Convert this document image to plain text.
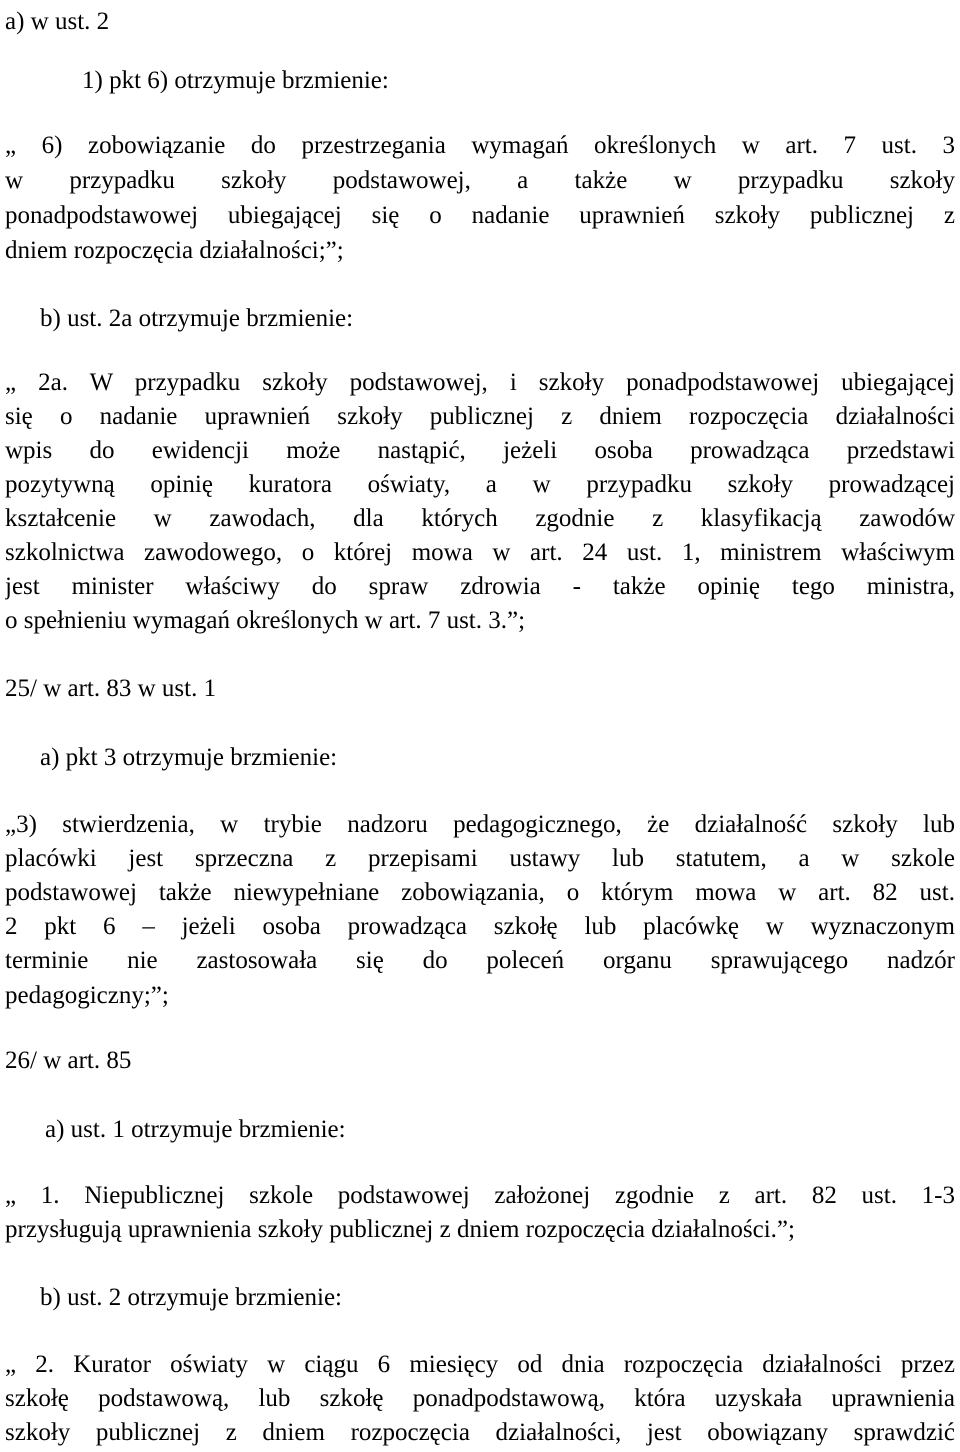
a) w ust. 2
1) pkt 6) otrzymuje brzmienie:
„ 6) zobowiązanie do przestrzegania wymagań określonych w art. 7 ust. 3
w przypadku szkoły podstawowej, a także w przypadku szkoły
ponadpodstawowej ubiegającej się o nadanie uprawnień szkoły publicznej z
dniem rozpoczęcia działalności;”;
b) ust. 2a otrzymuje brzmienie:
„ 2a. W przypadku szkoły podstawowej, i szkoły ponadpodstawowej ubiegającej
się o nadanie uprawnień szkoły publicznej z dniem rozpoczęcia działalności
wpis do ewidencji może nastąpić, jeżeli osoba prowadząca przedstawi
pozytywną opinię kuratora oświaty, a w przypadku szkoły prowadzącej
kształcenie w zawodach, dla których zgodnie z klasyfikacją zawodów
szkolnictwa zawodowego, o której mowa w art. 24 ust. 1, ministrem właściwym
jest minister właściwy do spraw zdrowia - także opinię tego ministra,
o spełnieniu wymagań określonych w art. 7 ust. 3.”;
25/ w art. 83 w ust. 1
a) pkt 3 otrzymuje brzmienie:
„3) stwierdzenia, w trybie nadzoru pedagogicznego, że działalność szkoły lub
placówki jest sprzeczna z przepisami ustawy lub statutem, a w szkole
podstawowej także niewypełniane zobowiązania, o którym mowa w art. 82 ust.
2 pkt 6 – jeżeli osoba prowadząca szkołę lub placówkę w wyznaczonym
terminie nie zastosowała się do poleceń organu sprawującego nadzór
pedagogiczny;”;
26/ w art. 85
a) ust. 1 otrzymuje brzmienie:
„ 1. Niepublicznej szkole podstawowej założonej zgodnie z art. 82 ust. 1-3
przysługują uprawnienia szkoły publicznej z dniem rozpoczęcia działalności.”;
b) ust. 2 otrzymuje brzmienie:
„ 2. Kurator oświaty w ciągu 6 miesięcy od dnia rozpoczęcia działalności przez
szkołę podstawową, lub szkołę ponadpodstawową, która uzyskała uprawnienia
szkoły publicznej z dniem rozpoczęcia działalności, jest obowiązany sprawdzić
